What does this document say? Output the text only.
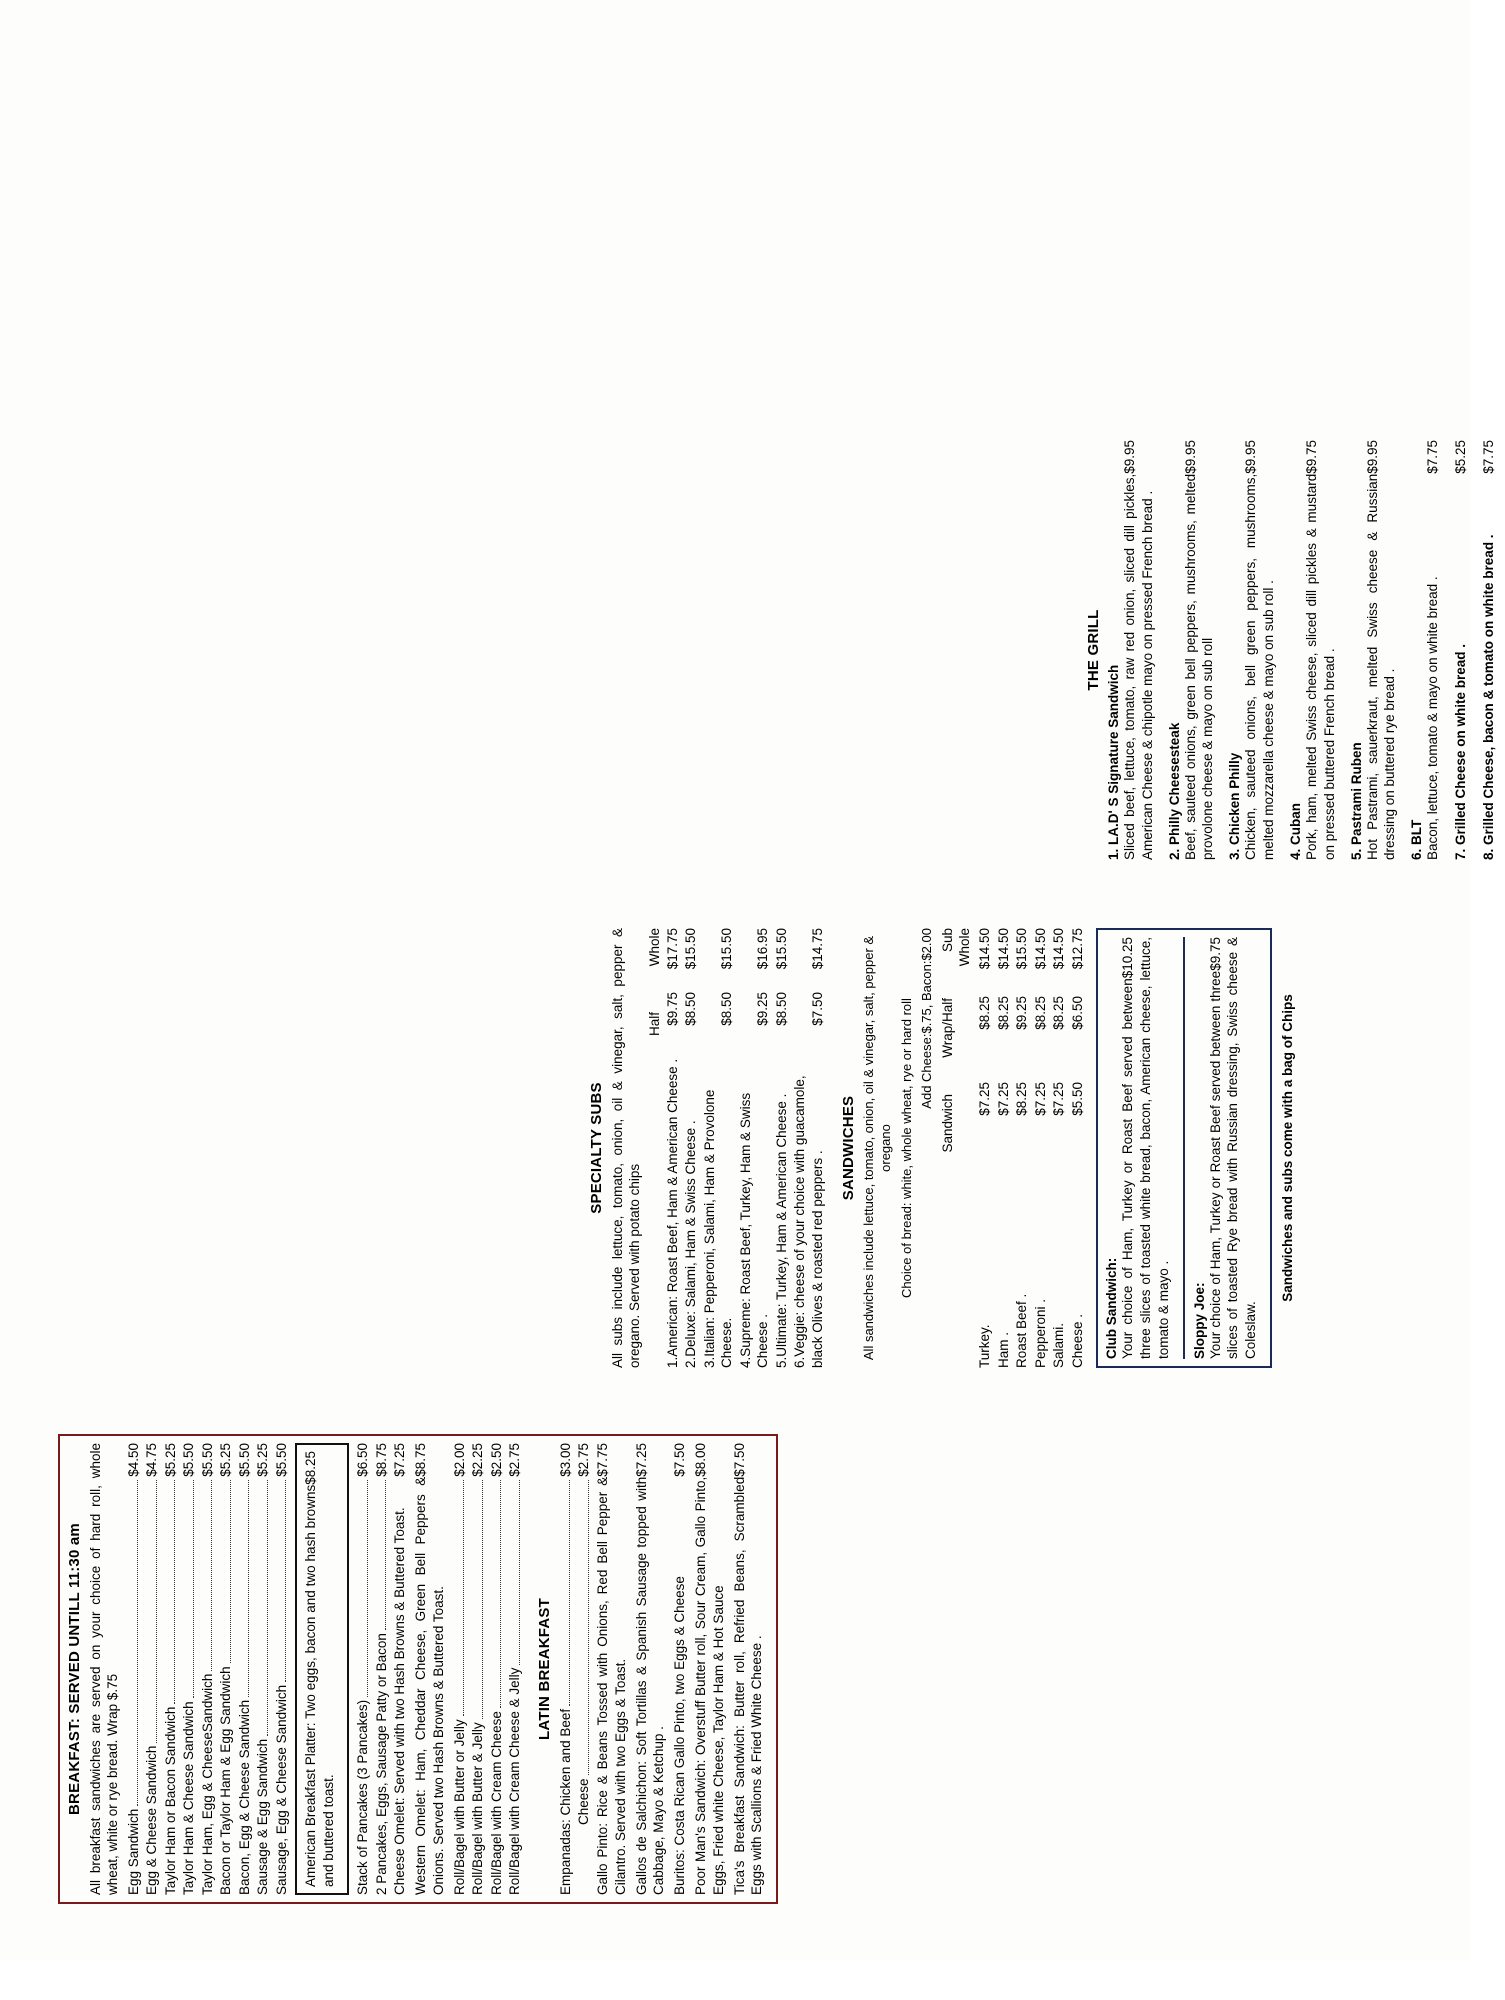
BREAKFAST: SERVED UNTILL 11:30 am All breakfast sandwiches are served on your choice of hard roll, whole wheat, white or rye bread. Wrap $.75 Egg Sandwich
$4.50
Egg & Cheese Sandwich
$4.75
Taylor Ham or Bacon Sandwich
$5.25
Taylor Ham & Cheese Sandwich
$5.50
Taylor Ham, Egg & CheeseSandwich
$5.50
Bacon or Taylor Ham & Egg Sandwich
$5.25
Bacon, Egg & Cheese Sandwich
$5.50
Sausage & Egg Sandwich
$5.25
Sausage, Egg & Cheese Sandwich
$5.50 $8.25
American Breakfast Platter: Two eggs, bacon and two hash browns and buttered toast. Stack of Pancakes (3 Pancakes)
$6.50
2 Pancakes, Eggs, Sausage Patty or Bacon
$8.75 $7.25
Cheese Omelet: Served with two Hash Browns & Buttered Toast.
$8.75
Western Omelet: Ham, Cheddar Cheese, Green Bell Peppers & Onions. Served two Hash Browns & Buttered Toast. Roll/Bagel with Butter or Jelly
$2.00
Roll/Bagel with Butter & Jelly
$2.25
Roll/Bagel with Cream Cheese
$2.50
Roll/Bagel with Cream Cheese & Jelly
$2.75
LATIN BREAKFAST
Empanadas: Chicken and Beef
$3.00
Cheese
$2.75 $7.75
Gallo Pinto: Rice & Beans Tossed with Onions, Red Bell Pepper & Cilantro. Served with two Eggs & Toast.
$7.25
Gallos de Salchichon: Soft Tortillas & Spanish Sausage topped with Cabbage, Mayo & Ketchup .
$7.50
Buritos: Costa Rican Gallo Pinto, two Eggs & Cheese
$8.00
Poor Man's Sandwich: Overstuff Butter roll, Sour Cream, Gallo Pinto, Eggs, Fried white Cheese, Taylor Ham & Hot Sauce
$7.50
Tica's Breakfast Sandwich: Butter roll, Refried Beans, Scrambled Eggs with Scallions & Fried White Cheese .
SPECIALTY SUBS All subs include lettuce, tomato, onion, oil & vinegar, salt, pepper & oregano. Served with potato chips
Half
Whole
1.American: Roast Beef, Ham & American Cheese .
$9.75
$17.75
2.Deluxe: Salami, Ham & Swiss Cheese .
$8.50
$15.50
3.Italian: Pepperoni, Salami, Ham & Provolone Cheese.
$8.50
$15.50
4.Supreme: Roast Beef, Turkey, Ham & Swiss Cheese .
$9.25
$16.95
5.Ultimate: Turkey, Ham & American Cheese .
$8.50
$15.50
6.Veggie: cheese of your choice with guacamole, black Olives & roasted red peppers .
$7.50
$14.75
SANDWICHES All sandwiches include lettuce, tomato, onion, oil & vinegar, salt, pepper & oregano Choice of bread: white, whole wheat, rye or hard roll Add Cheese:$.75, Bacon:$2.00
Sandwich
Wrap/Half
Sub Whole
Turkey.
$7.25
$8.25
$14.50
Ham .
$7.25
$8.25
$14.50
Roast Beef .
$8.25
$9.25
$15.50
Pepperoni .
$7.25
$8.25
$14.50
Salami.
$7.25
$8.25
$14.50
Cheese .
$5.50
$6.50
$12.75
Club Sandwich:
$10.25
Your choice of Ham, Turkey or Roast Beef served between three slices of toasted white bread, bacon, American cheese, lettuce, tomato & mayo . Sloppy Joe:
$9.75
Your choice of Ham, Turkey or Roast Beef served between three slices of toasted Rye bread with Russian dressing, Swiss cheese & Coleslaw.
Sandwiches and subs come with a bag of Chips
THE GRILL
1. LA.D' S Signature Sandwich
$9.95
Sliced beef, lettuce, tomato, raw red onion, sliced dill pickles, American Cheese & chipotle mayo on pressed French bread . 2. Philly Cheesesteak
$9.95
Beef, sauteed onions, green bell peppers, mushrooms, melted provolone cheese & mayo on sub roll 3. Chicken Philly
$9.95
Chicken, sauteed onions, bell green peppers, mushrooms, melted mozzarella cheese & mayo on sub roll . 4. Cuban
$9.75
Pork, ham, melted Swiss cheese, sliced dill pickles & mustard on pressed buttered French bread . 5. Pastrami Ruben
$9.95
Hot Pastrami, sauerkraut, melted Swiss cheese & Russian dressing on buttered rye bread . 6. BLT
$7.75
Bacon, lettuce, tomato & mayo on white bread .
$5.25
7. Grilled Cheese on white bread .
$7.75
8. Grilled Cheese, bacon & tomato on white bread .
